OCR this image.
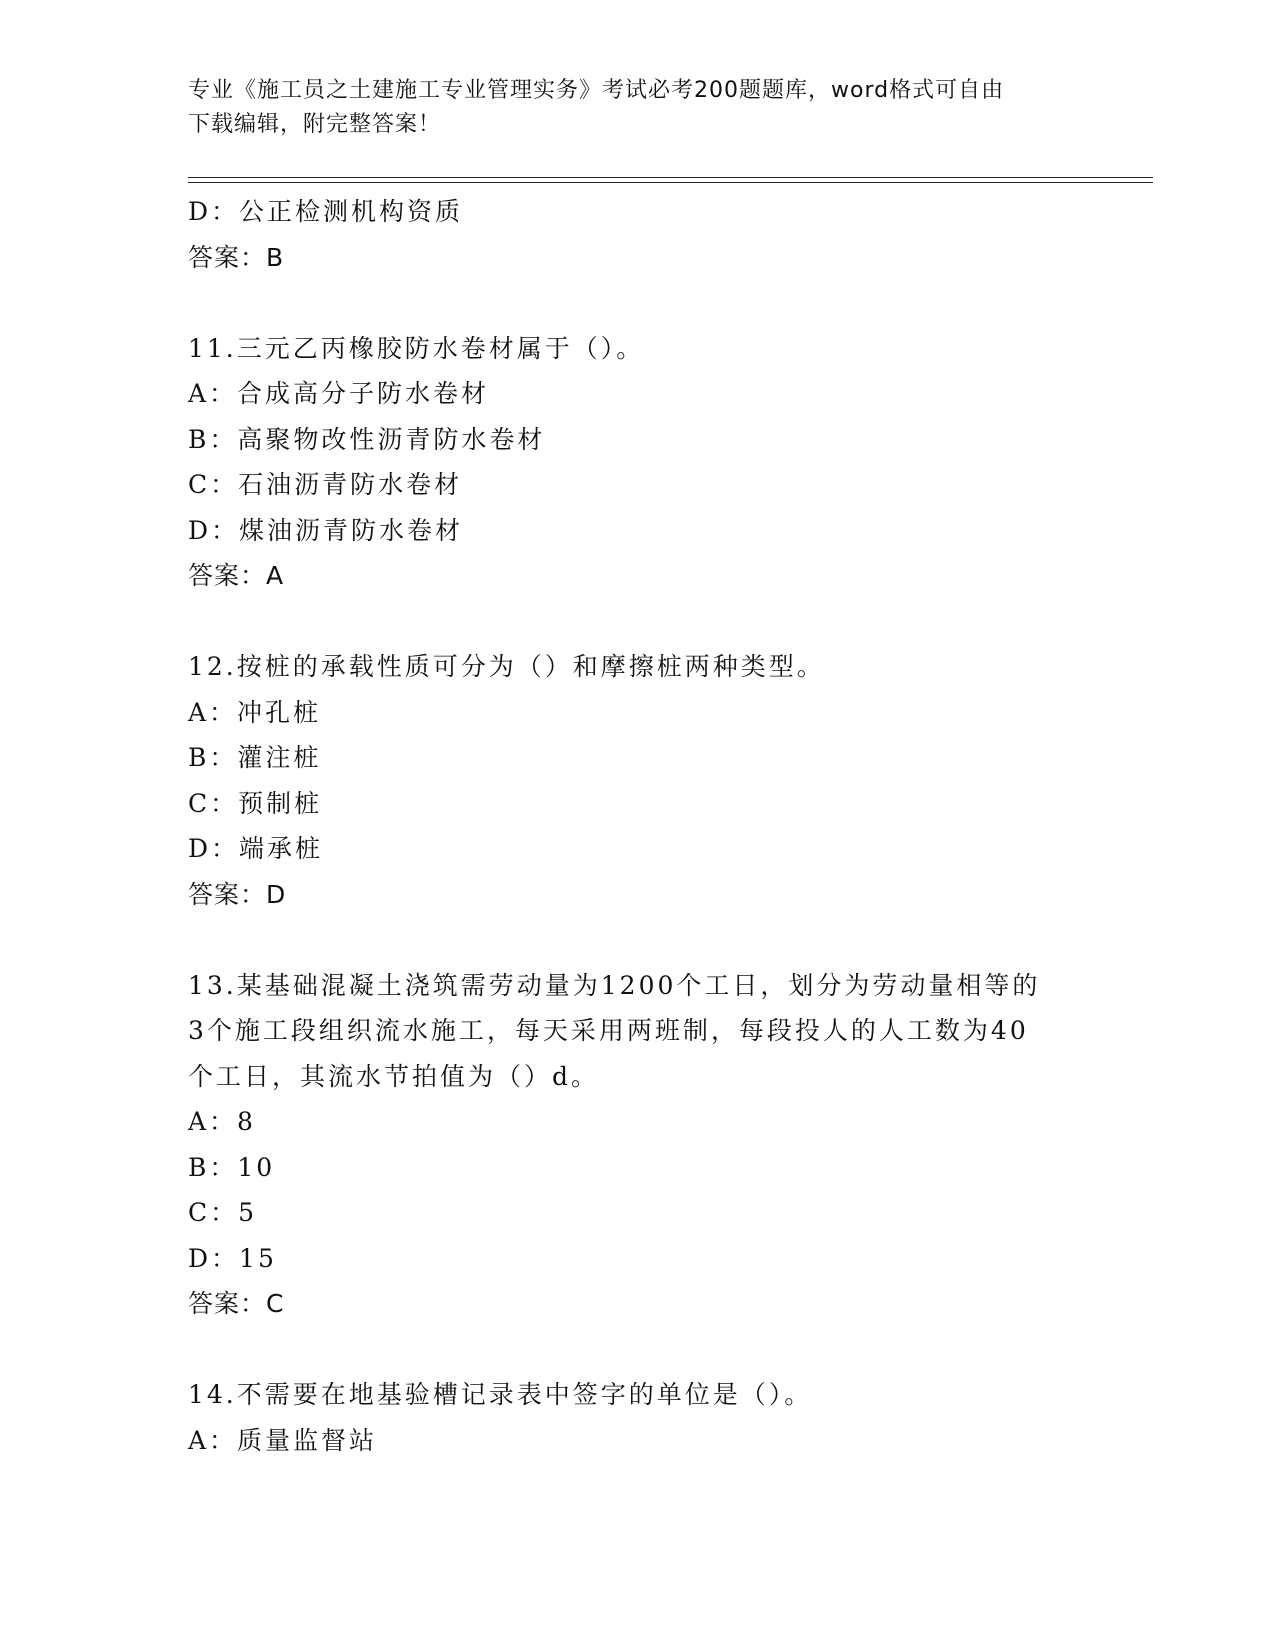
专业《施工员之土建施工专业管理实务》考试必考200题题库，word格式可自由
下载编辑，附完整答案！
D：公正检测机构资质
答案：B
11.三元乙丙橡胶防水卷材属于（）。
A：合成高分子防水卷材
B：高聚物改性沥青防水卷材
C：石油沥青防水卷材
D：煤油沥青防水卷材
答案：A
12.按桩的承载性质可分为（）和摩擦桩两种类型。
A：冲孔桩
B：灌注桩
C：预制桩
D：端承桩
答案：D
13.某基础混凝土浇筑需劳动量为1200个工日，划分为劳动量相等的
3个施工段组织流水施工，每天采用两班制，每段投人的人工数为40
个工日，其流水节拍值为（）d。
A：8
B：10
C：5
D：15
答案：C
14.不需要在地基验槽记录表中签字的单位是（）。
A：质量监督站
